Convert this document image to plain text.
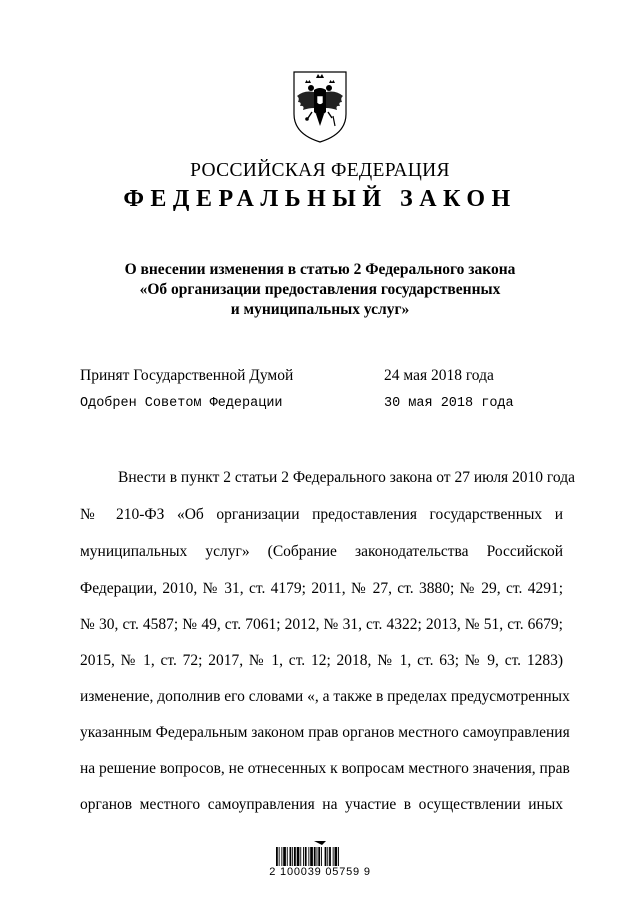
РОССИЙСКАЯ ФЕДЕРАЦИЯ
ФЕДЕРАЛЬНЫЙ ЗАКОН
О внесении изменения в статью 2 Федерального закона
«Об организации предоставления государственных
и муниципальных услуг»
Принят Государственной Думой	24 мая 2018 года
Одобрен Советом Федерации	30 мая 2018 года
Внести в пункт 2 статьи 2 Федерального закона от 27 июля 2010 года
№ 210-ФЗ «Об организации предоставления государственных и
муниципальных услуг» (Собрание законодательства Российской
Федерации, 2010, № 31, ст. 4179; 2011, № 27, ст. 3880; № 29, ст. 4291;
№ 30, ст. 4587; № 49, ст. 7061; 2012, № 31, ст. 4322; 2013, № 51, ст. 6679;
2015, № 1, ст. 72; 2017, № 1, ст. 12; 2018, № 1, ст. 63; № 9, ст. 1283)
изменение, дополнив его словами «, а также в пределах предусмотренных
указанным Федеральным законом прав органов местного самоуправления
на решение вопросов, не отнесенных к вопросам местного значения, прав
органов местного самоуправления на участие в осуществлении иных
2 100039 05759 9
